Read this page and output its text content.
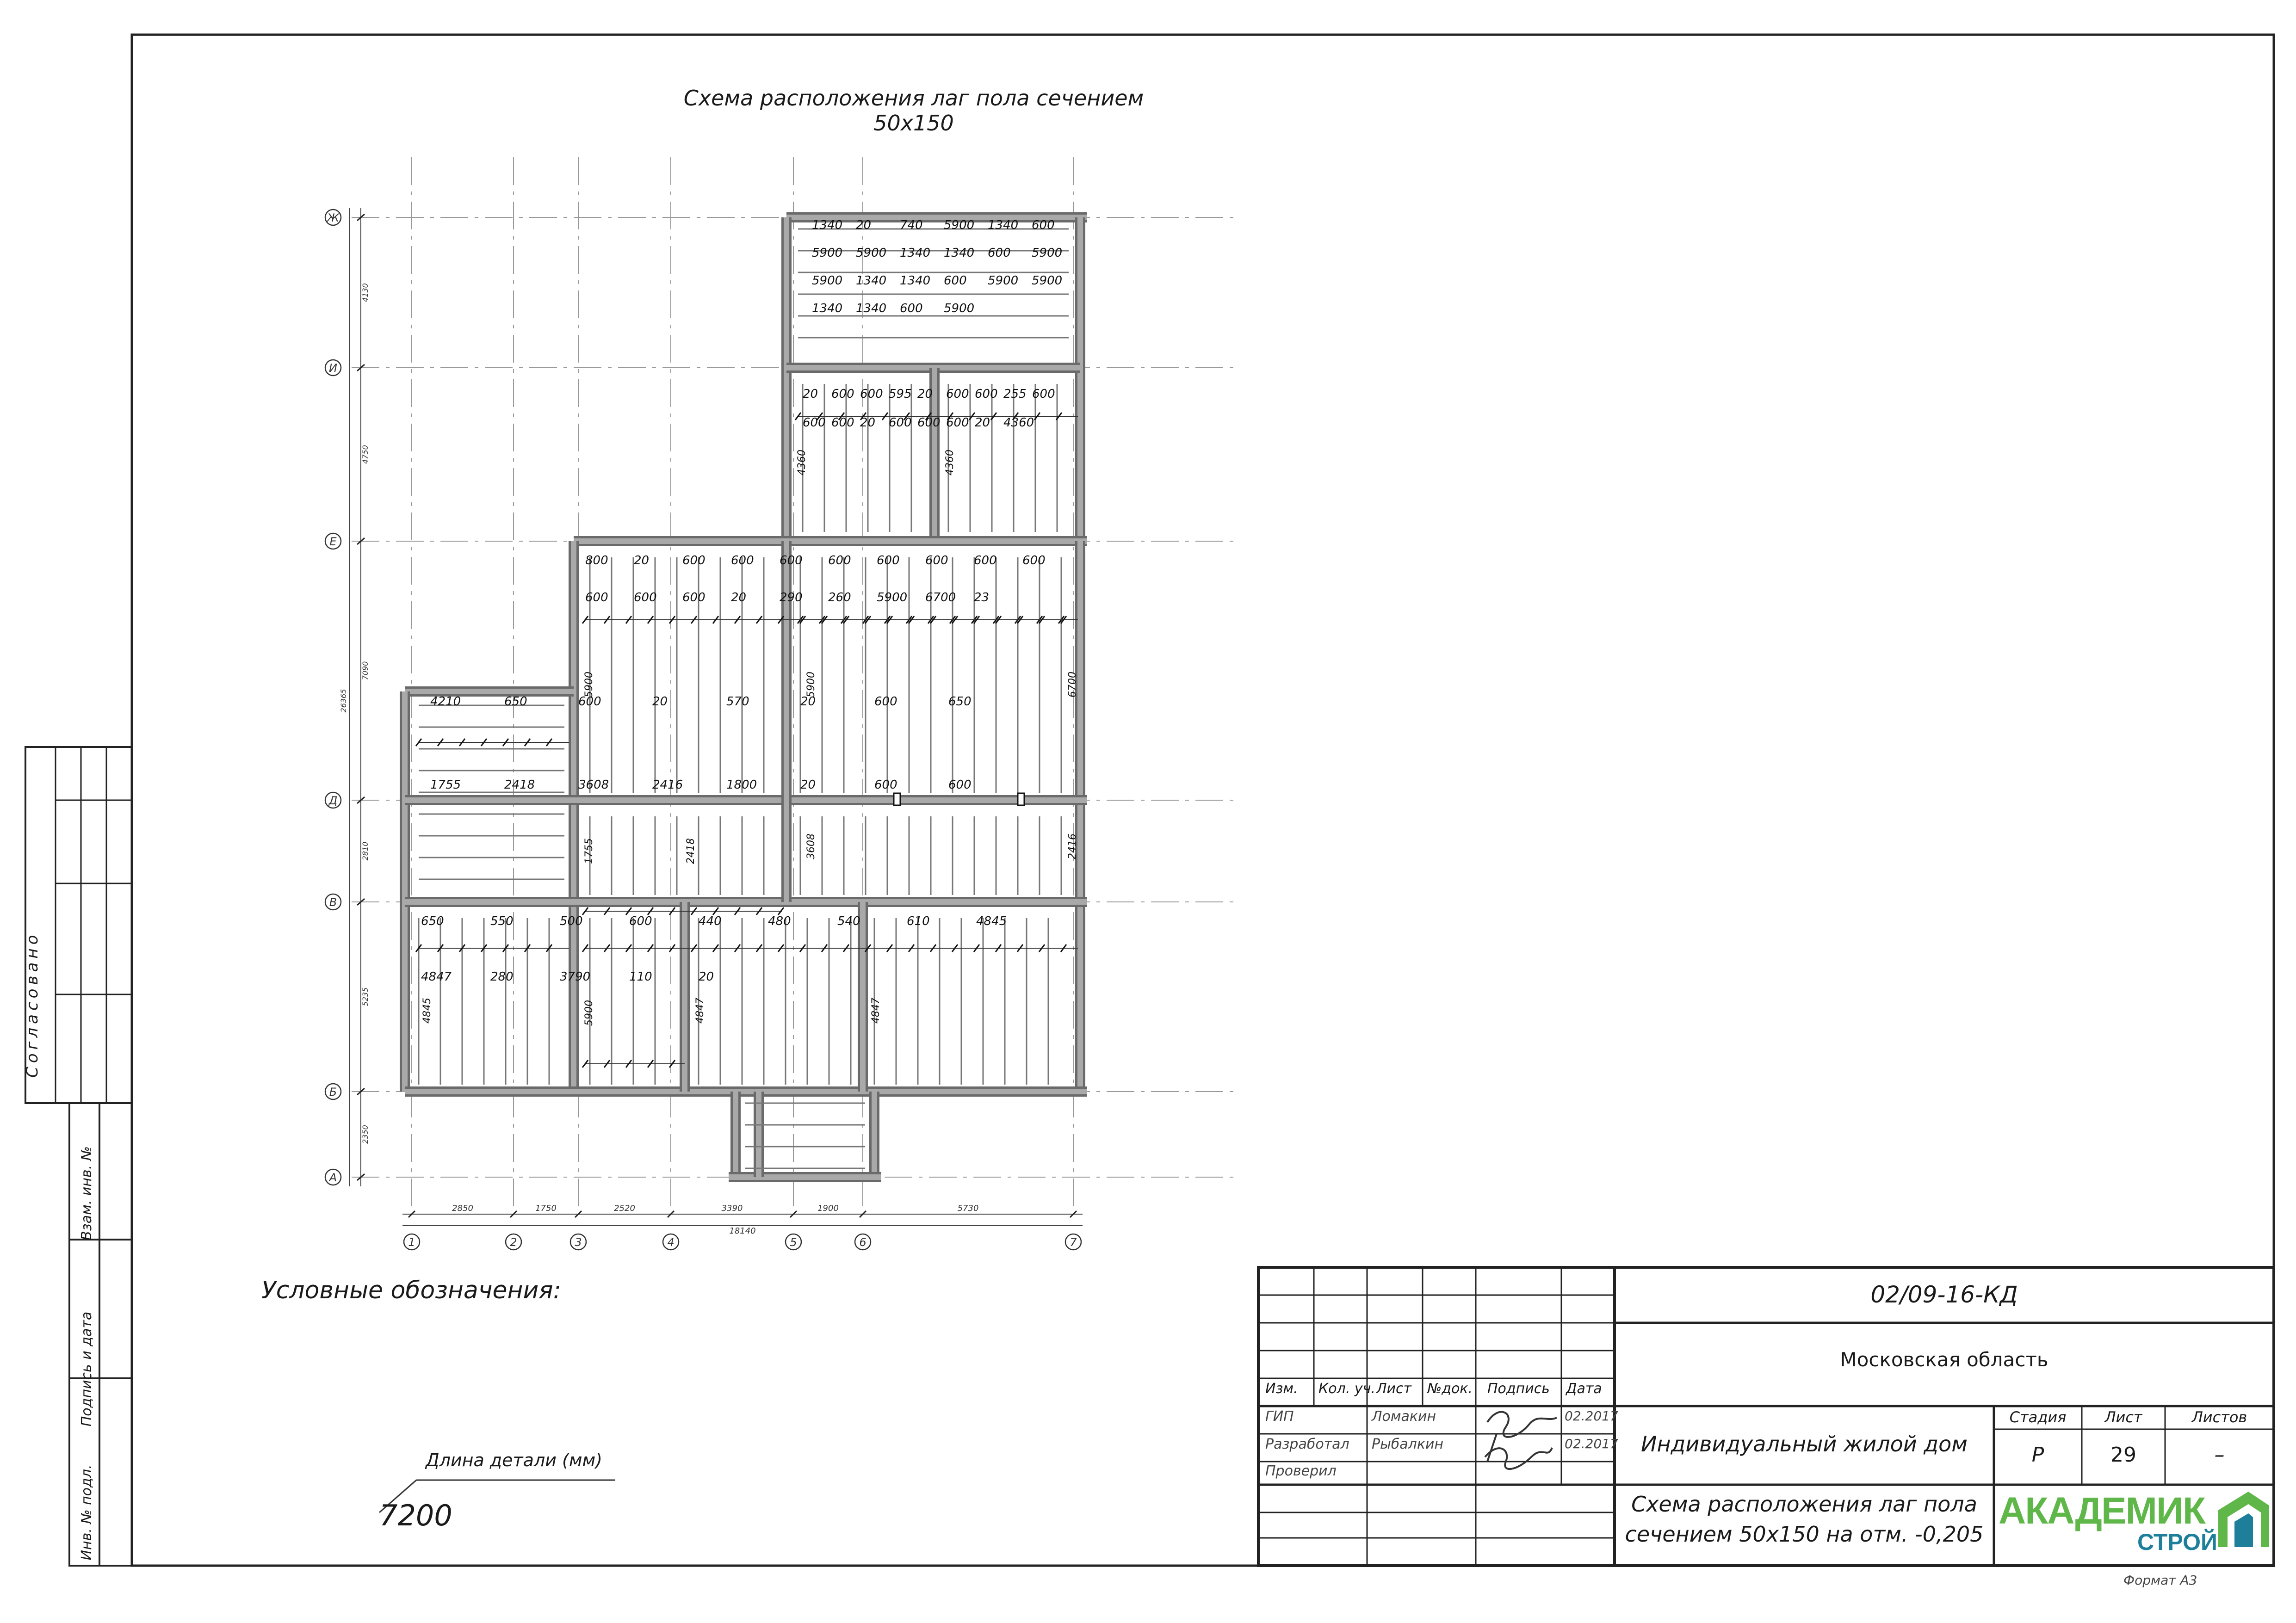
Согласовано
Взам. инв. №
Подпись и дата
Инв. № подл.
Схема расположения лаг пола сечением 50х150
Ж
И
Е
Д
В
Б
А
1	2	3	4	5	6	7
2850	1750	2520	3390	1900	5730
18140
4130
4750
7090
2810
5235
2350
26365
1340 20 740 5900 1340 600
5900 5900 1340 1340 600 5900
5900 1340 1340 600 5900 5900
1340 1340 600 5900
20 600 600 595 20 600 600 255 600
600 600 20 600 600 600 20 4360
800 20	600 600 600 600 600 600 600 600
600 600 600 20	290 260 5900 6700 23
4210	650	600	20	570	20	600	650
1755	2418	3608	2416	1800	20	600	600
650	550	500	600	440	480	540	610	4845
4847	280	3790	110	20
4360	4360
5900	5900
3608
4845	4847	4847
5900
1755	2418
6700
2416
Условные обозначения:
Длина детали (мм)
7200
02/09-16-КД
Московская область
Изм. Кол. уч. Лист №док. Подпись Дата
ГИП	Ломакин	02.2017
Разработал Рыбалкин	02.2017
Проверил
Индивидуальный жилой дом
Стадия	Лист	Листов
Р	29	–
Схема расположения лаг пола
сечением 50х150 на отм. -0,205
АКАДЕМИК
СТРОЙ
Формат А3
